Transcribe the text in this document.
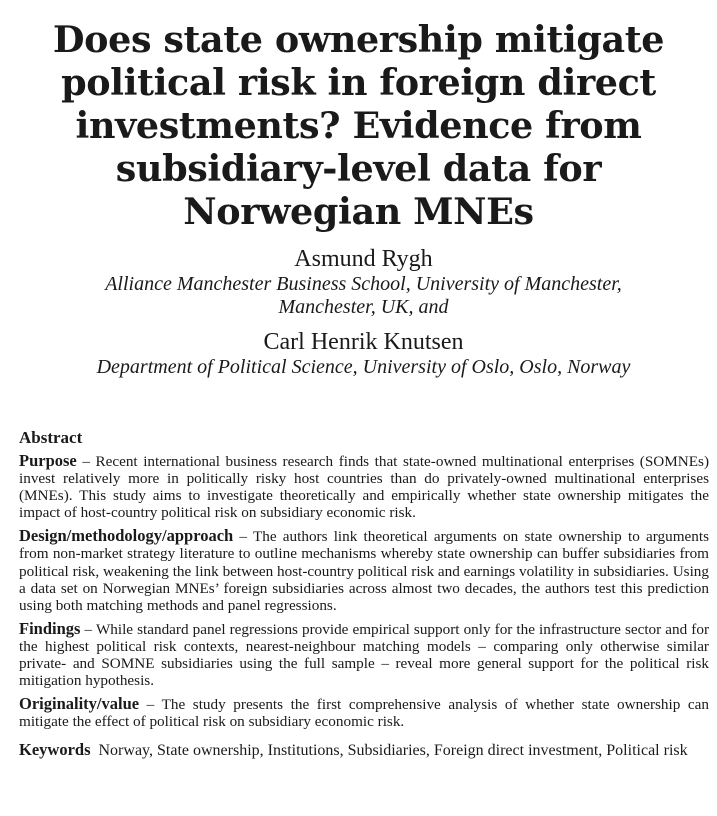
Does state ownership mitigate
political risk in foreign direct
investments? Evidence from
subsidiary-level data for
Norwegian MNEs

Asmund Rygh

Alliance Manchester Business School, University of Manchester,
Manchester, UK, and

Carl Henrik Knutsen

Department of Political Science, University of Oslo, Oslo, Norway

Abstract

Purpose – Recent international business research finds that state-owned multinational enterprises (SOMNEs) invest relatively more in politically risky host countries than do privately-owned multinational enterprises (MNEs). This study aims to investigate theoretically and empirically whether state ownership mitigates the impact of host-country political risk on subsidiary economic risk.

Design/methodology/approach – The authors link theoretical arguments on state ownership to arguments from non-market strategy literature to outline mechanisms whereby state ownership can buffer subsidiaries from political risk, weakening the link between host-country political risk and earnings volatility in subsidiaries. Using a data set on Norwegian MNEs’ foreign subsidiaries across almost two decades, the authors test this prediction using both matching methods and panel regressions.

Findings – While standard panel regressions provide empirical support only for the infrastructure sector and for the highest political risk contexts, nearest-neighbour matching models – comparing only otherwise similar private- and SOMNE subsidiaries using the full sample – reveal more general support for the political risk mitigation hypothesis.

Originality/value – The study presents the first comprehensive analysis of whether state ownership can mitigate the effect of political risk on subsidiary economic risk.

Keywords Norway, State ownership, Institutions, Subsidiaries, Foreign direct investment, Political risk
